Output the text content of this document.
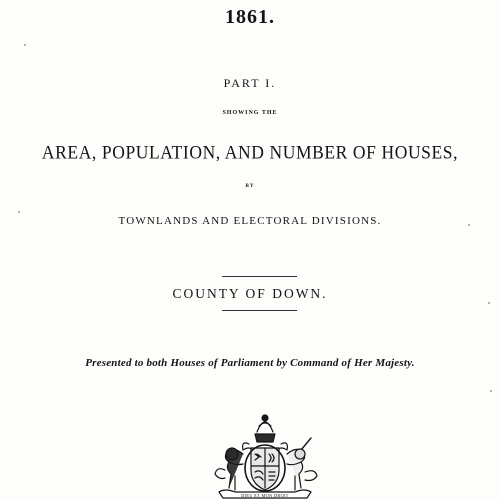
1861.
PART I.
SHOWING THE
AREA, POPULATION, AND NUMBER OF HOUSES,
BY
TOWNLANDS AND ELECTORAL DIVISIONS.
COUNTY OF DOWN.
Presented to both Houses of Parliament by Command of Her Majesty.
DIEU ET MON DROIT
